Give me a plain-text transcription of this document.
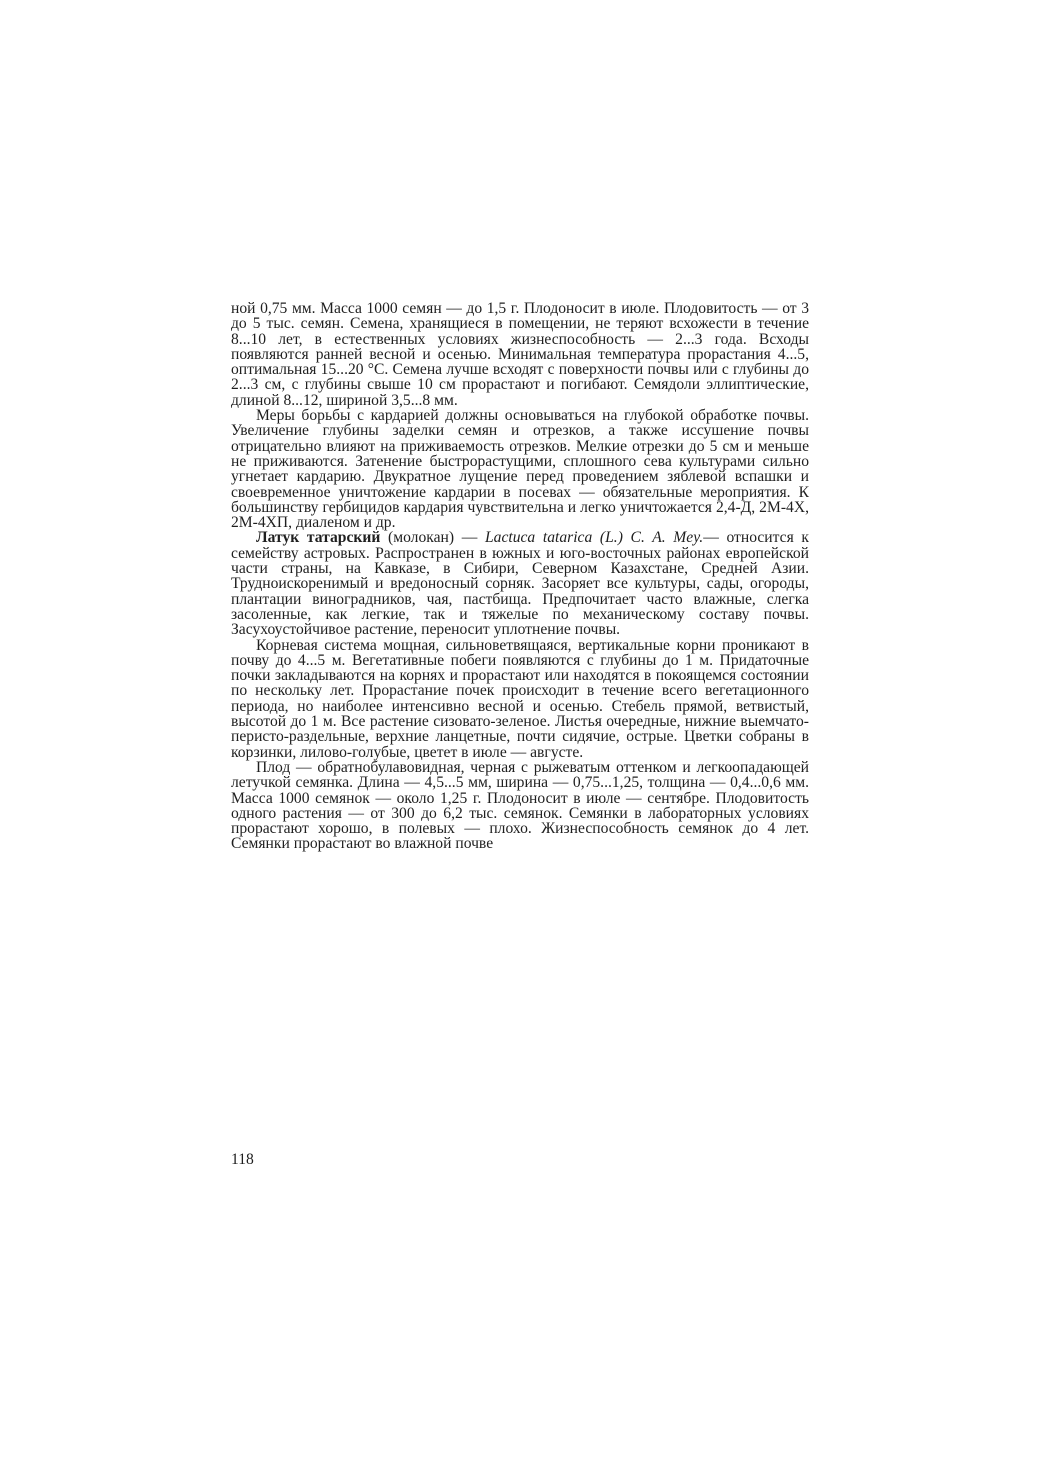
ной 0,75 мм. Масса 1000 семян — до 1,5 г. Плодоносит в июле. Плодовитость — от 3 до 5 тыс. семян. Семена, хранящиеся в помещении, не теряют всхожести в течение 8...10 лет, в естественных условиях жизнеспособность — 2...3 года. Всходы появляются ранней весной и осенью. Минимальная температура прорастания 4...5, оптимальная 15...20 °С. Семена лучше всходят с поверхности почвы или с глубины до 2...3 см, с глубины свыше 10 см прорастают и погибают. Семядоли эллиптические, длиной 8...12, шириной 3,5...8 мм.

Меры борьбы с кардарией должны основываться на глубокой обработке почвы. Увеличение глубины заделки семян и отрезков, а также иссушение почвы отрицательно влияют на приживаемость отрезков. Мелкие отрезки до 5 см и меньше не приживаются. Затенение быстрорастущими, сплошного сева культурами сильно угнетает кардарию. Двукратное лущение перед проведением зяблевой вспашки и своевременное уничтожение кардарии в посевах — обязательные мероприятия. К большинству гербицидов кардария чувствительна и легко уничтожается 2,4-Д, 2М-4Х, 2М-4ХП, диаленом и др.

Латук татарский (молокан) — Lactuca tatarica (L.) C. A. Mey.— относится к семейству астровых. Распространен в южных и юго-восточных районах европейской части страны, на Кавказе, в Сибири, Северном Казахстане, Средней Азии. Трудноискоренимый и вредоносный сорняк. Засоряет все культуры, сады, огороды, плантации виноградников, чая, пастбища. Предпочитает часто влажные, слегка засоленные, как легкие, так и тяжелые по механическому составу почвы. Засухоустойчивое растение, переносит уплотнение почвы.

Корневая система мощная, сильноветвящаяся, вертикальные корни проникают в почву до 4...5 м. Вегетативные побеги появляются с глубины до 1 м. Придаточные почки закладываются на корнях и прорастают или находятся в покоящемся состоянии по нескольку лет. Прорастание почек происходит в течение всего вегетационного периода, но наиболее интенсивно весной и осенью. Стебель прямой, ветвистый, высотой до 1 м. Все растение сизовато-зеленое. Листья очередные, нижние выемчато-перисто-раздельные, верхние ланцетные, почти сидячие, острые. Цветки собраны в корзинки, лилово-голубые, цветет в июле — августе.

Плод — обратнобулавовидная, черная с рыжеватым оттенком и легкоопадающей летучкой семянка. Длина — 4,5...5 мм, ширина — 0,75...1,25, толщина — 0,4...0,6 мм. Масса 1000 семянок — около 1,25 г. Плодоносит в июле — сентябре. Плодовитость одного растения — от 300 до 6,2 тыс. семянок. Семянки в лабораторных условиях прорастают хорошо, в полевых — плохо. Жизнеспособность семянок до 4 лет. Семянки прорастают во влажной почве

118
